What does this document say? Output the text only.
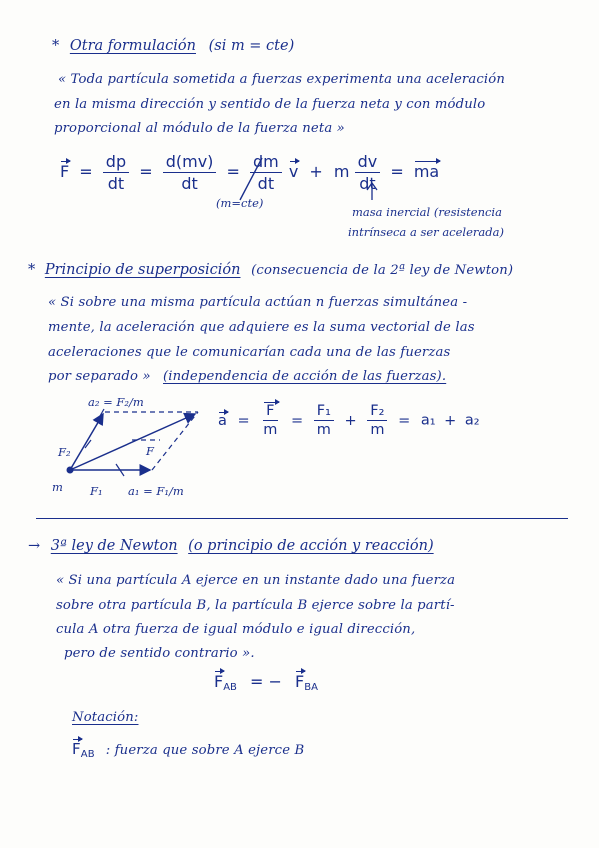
* Otra formulación (si m = cte)
« Toda partícula sometida a fuerzas experimenta una aceleración
en la misma dirección y sentido de la fuerza neta y con módulo
proporcional al módulo de la fuerza neta »
$F = \frac{dp}{dt} = \frac{d(mv)}{dt} = \frac{dm}{dt}$ v + m $\frac{dv}{dt}$ = ma
(m=cte)
masa inercial (resistencia
intrínseca a ser acelerada)
* Principio de superposición (consecuencia de la 2ª ley de Newton)
« Si sobre una misma partícula actúan n fuerzas simultánea -
mente, la aceleración que adquiere es la suma vectorial de las
aceleraciones que le comunicarían cada una de las fuerzas
por separado » (independencia de acción de las fuerzas).
a₂ = F₂/m
F₂	F
m F₁ a₁ = F₁/m
$a = \frac{F}{m} = \frac{\text{F₁}}{m} + \frac{\text{F₂}}{m} = a_1 + a_2$
→ 3ª ley de Newton (o principio de acción y reacción)
« Si una partícula A ejerce en un instante dado una fuerza
sobre otra partícula B, la partícula B ejerce sobre la partí-
cula A otra fuerza de igual módulo e igual dirección,
pero de sentido contrario ».
$F_{AB}$ = − $F_{BA}$
Notación:
$F_{AB}$ : fuerza que sobre A ejerce B
